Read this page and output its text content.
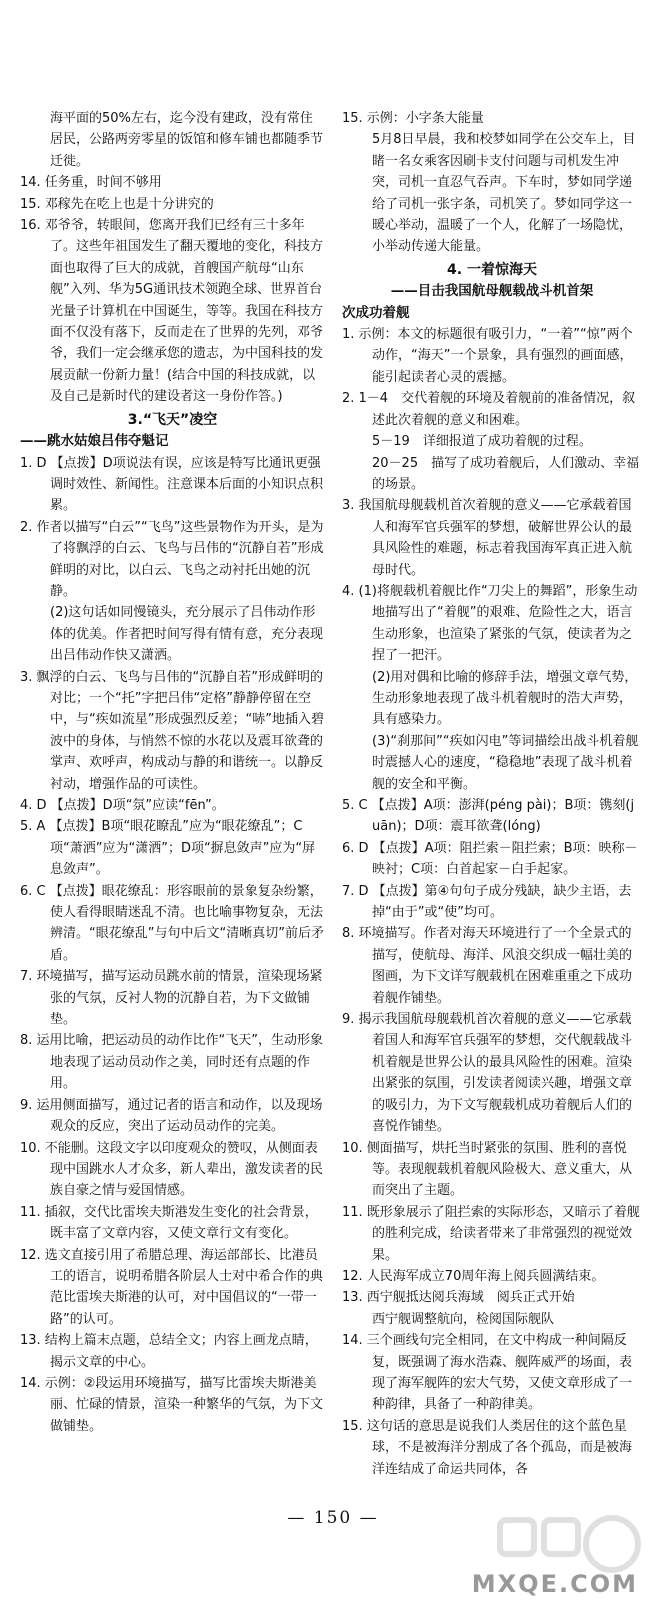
海平面的50%左右，迄今没有建政，没有常住居民，公路两旁零星的饭馆和修车铺也都随季节迁徙。

14. 任务重，时间不够用

15. 邓稼先在吃上也是十分讲究的

16. 邓爷爷，转眼间，您离开我们已经有三十多年了。这些年祖国发生了翻天覆地的变化，科技方面也取得了巨大的成就，首艘国产航母“山东舰”入列、华为5G通讯技术领跑全球、世界首台光量子计算机在中国诞生，等等。我国在科技方面不仅没有落下，反而走在了世界的先列，邓爷爷，我们一定会继承您的遗志，为中国科技的发展贡献一份新力量！(结合中国的科技成就，以及自己是新时代的建设者这一身份作答。)

3.“飞天”凌空

——跳水姑娘吕伟夺魁记

1. D 【点拨】D项说法有误，应该是特写比通讯更强调时效性、新闻性。注意课本后面的小知识点积累。

2. 作者以描写“白云”“飞鸟”这些景物作为开头，是为了将飘浮的白云、飞鸟与吕伟的“沉静自若”形成鲜明的对比，以白云、飞鸟之动衬托出她的沉静。

(2)这句话如同慢镜头，充分展示了吕伟动作形体的优美。作者把时间写得有情有意，充分表现出吕伟动作快又潇洒。

3. 飘浮的白云、飞鸟与吕伟的“沉静自若”形成鲜明的对比；一个“托”字把吕伟“定格”静静停留在空中，与“疾如流星”形成强烈反差；“哧”地插入碧波中的身体，与悄然不惊的水花以及震耳欲聋的掌声、欢呼声，构成动与静的和谐统一。以静反衬动，增强作品的可读性。

4. D 【点拨】D项“氛”应读“fēn”。

5. A 【点拨】B项“眼花瞭乱”应为“眼花缭乱”；C项“萧洒”应为“潇洒”；D项“摒息敛声”应为“屏息敛声”。

6. C 【点拨】眼花缭乱：形容眼前的景象复杂纷繁，使人看得眼睛迷乱不清。也比喻事物复杂，无法辨清。“眼花缭乱”与句中后文“清晰真切”前后矛盾。

7. 环境描写，描写运动员跳水前的情景，渲染现场紧张的气氛，反衬人物的沉静自若，为下文做铺垫。

8. 运用比喻，把运动员的动作比作“飞天”，生动形象地表现了运动员动作之美，同时还有点题的作用。

9. 运用侧面描写，通过记者的语言和动作，以及现场观众的反应，突出了运动员动作的完美。

10. 不能删。这段文字以印度观众的赞叹，从侧面表现中国跳水人才众多，新人辈出，激发读者的民族自豪之情与爱国情感。

11. 插叙，交代比雷埃夫斯港发生变化的社会背景，既丰富了文章内容，又使文章行文有变化。

12. 选文直接引用了希腊总理、海运部部长、比港员工的语言，说明希腊各阶层人士对中希合作的典范比雷埃夫斯港的认可，对中国倡议的“一带一路”的认可。

13. 结构上篇末点题，总结全文；内容上画龙点睛，揭示文章的中心。

14. 示例：②段运用环境描写，描写比雷埃夫斯港美丽、忙碌的情景，渲染一种繁华的气氛，为下文做铺垫。

15. 示例：小字条大能量

5月8日早晨，我和校梦如同学在公交车上，目睹一名女乘客因刷卡支付问题与司机发生冲突，司机一直忍气吞声。下车时，梦如同学递给了司机一张字条，司机笑了。梦如同学这一暖心举动，温暖了一个人，化解了一场隐忧，小举动传递大能量。

4. 一着惊海天

——目击我国航母舰载战斗机首架

次成功着舰

1. 示例：本文的标题很有吸引力，“一着”“惊”两个动作，“海天”一个景象，具有强烈的画面感，能引起读者心灵的震撼。

2. 1－4　交代着舰的环境及着舰前的准备情况，叙述此次着舰的意义和困难。

5－19　详细报道了成功着舰的过程。

20－25　描写了成功着舰后，人们激动、幸福的场景。

3. 我国航母舰载机首次着舰的意义——它承载着国人和海军官兵强军的梦想，破解世界公认的最具风险性的难题，标志着我国海军真正进入航母时代。

4. (1)将舰载机着舰比作“刀尖上的舞蹈”，形象生动地描写出了“着舰”的艰难、危险性之大，语言生动形象，也渲染了紧张的气氛，使读者为之捏了一把汗。

(2)用对偶和比喻的修辞手法，增强文章气势，生动形象地表现了战斗机着舰时的浩大声势，具有感染力。

(3)“刹那间”“疾如闪电”等词描绘出战斗机着舰时震撼人心的速度，“稳稳地”表现了战斗机着舰的安全和平衡。

5. C 【点拨】A项：澎湃(péng pài)；B项：镌刻(juān)；D项：震耳欲聋(lóng)

6. D 【点拨】A项：阻拦索－阻拦索；B项：映称－映衬；C项：白首起家－白手起家。

7. D 【点拨】第④句句子成分残缺，缺少主语，去掉“由于”或“使”均可。

8. 环境描写。作者对海天环境进行了一个全景式的描写，使航母、海洋、风浪交织成一幅壮美的图画，为下文详写舰载机在困难重重之下成功着舰作铺垫。

9. 揭示我国航母舰载机首次着舰的意义——它承载着国人和海军官兵强军的梦想，交代舰载战斗机着舰是世界公认的最具风险性的困难。渲染出紧张的氛围，引发读者阅读兴趣，增强文章的吸引力，为下文写舰载机成功着舰后人们的喜悦作铺垫。

10. 侧面描写，烘托当时紧张的氛围、胜利的喜悦等。表现舰载机着舰风险极大、意义重大，从而突出了主题。

11. 既形象展示了阻拦索的实际形态，又暗示了着舰的胜利完成，给读者带来了非常强烈的视觉效果。

12. 人民海军成立70周年海上阅兵圆满结束。

13. 西宁舰抵达阅兵海域　阅兵正式开始

西宁舰调整航向，检阅国际舰队

14. 三个画线句完全相同，在文中构成一种间隔反复，既强调了海水浩森、舰阵威严的场面，表现了海军舰阵的宏大气势，又使文章形成了一种韵律，具备了一种韵律美。

15. 这句话的意思是说我们人类居住的这个蓝色星球，不是被海洋分割成了各个孤岛，而是被海洋连结成了命运共同体，各

— 150 —
MXQE.COM
